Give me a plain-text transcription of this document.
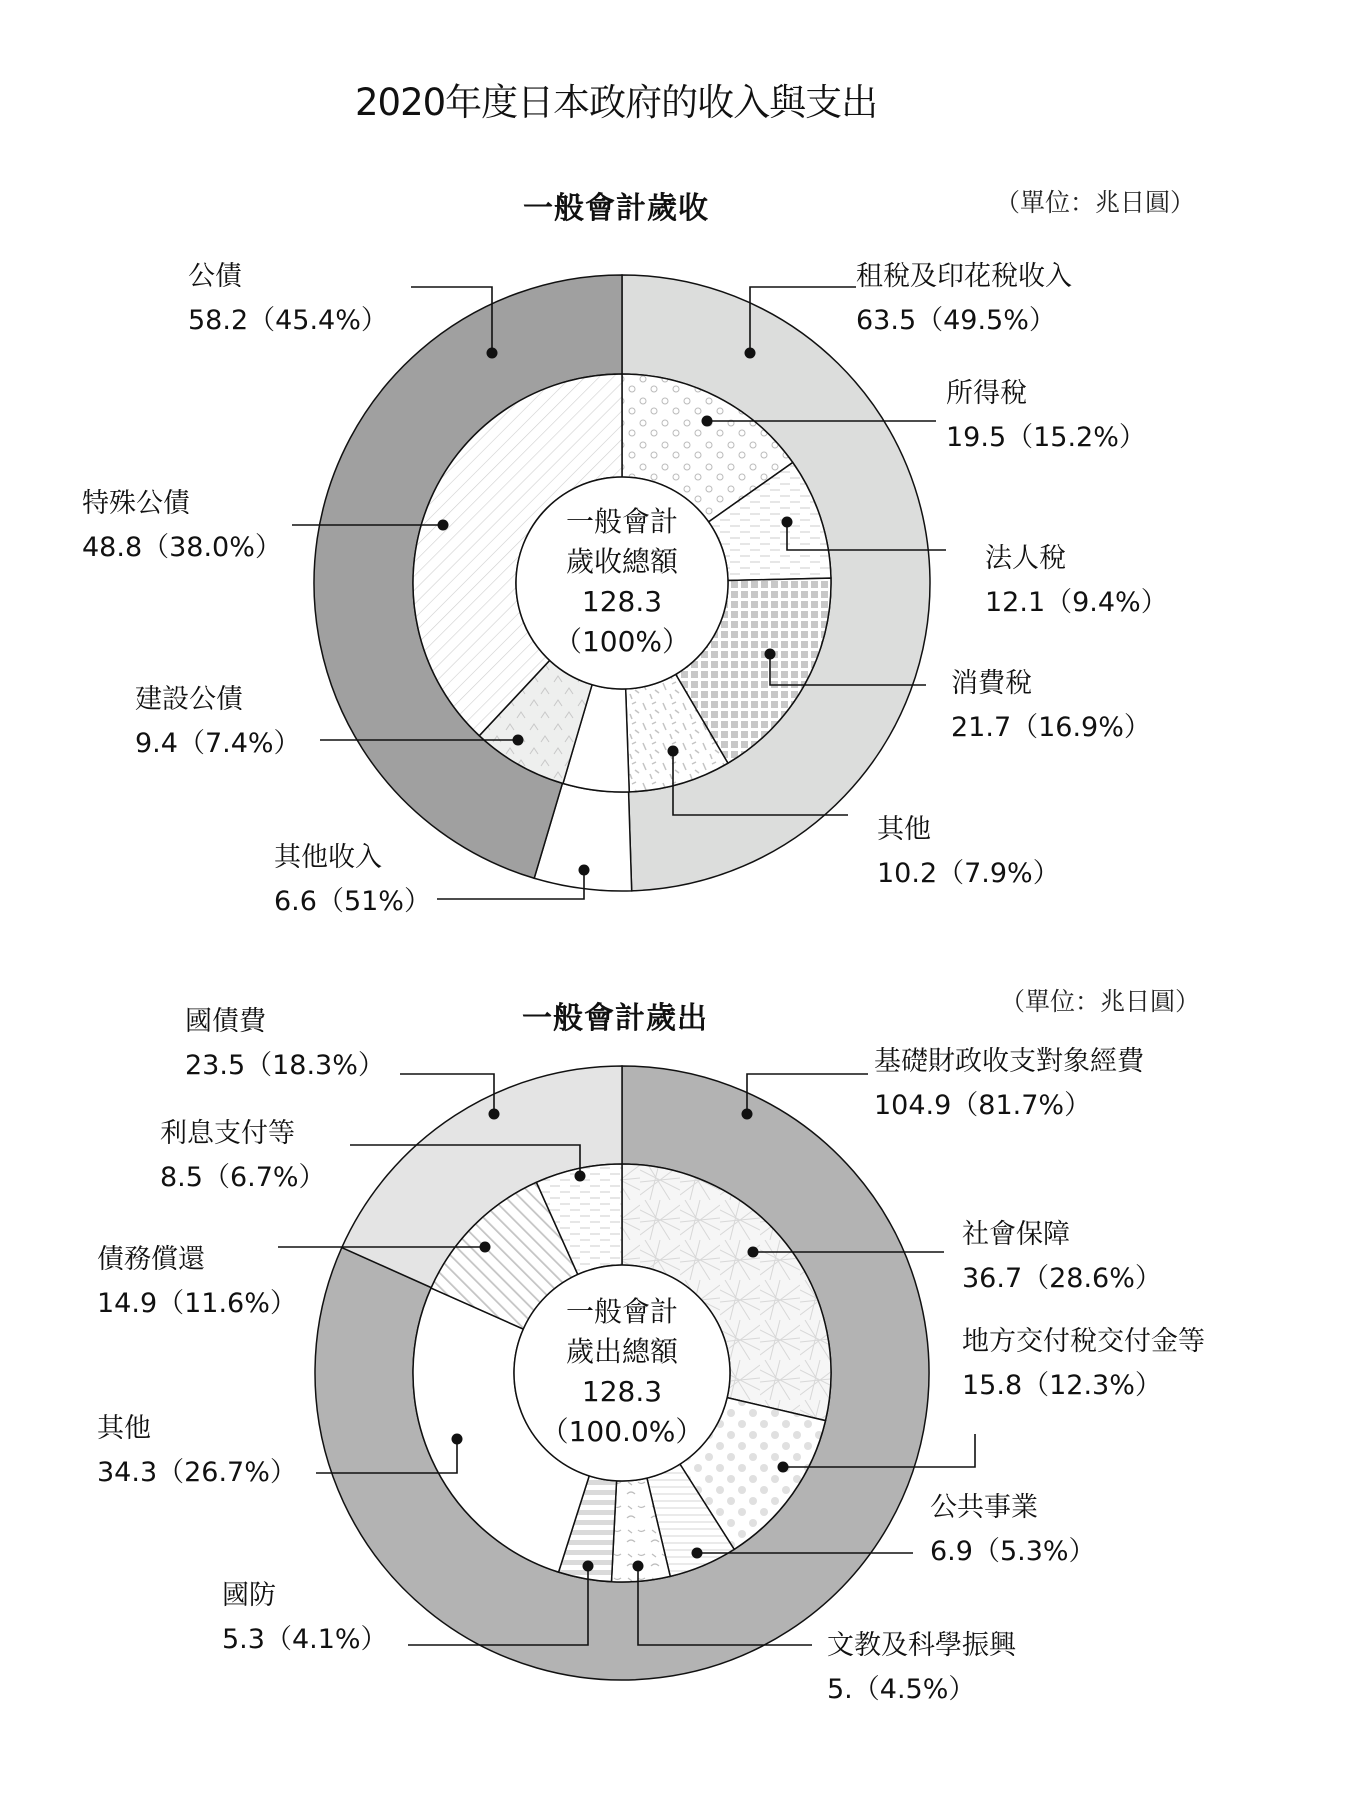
2020年度日本政府的收入與支出
一般會計歲收	（單位：兆日圓）
一般會計
歲收總額
128.3
（100%）
公債
58.2（45.4%）
特殊公債
48.8（38.0%）
建設公債
9.4（7.4%）
其他收入
6.6（51%）
租稅及印花稅收入
63.5（49.5%）
所得稅
19.5（15.2%）
法人稅
12.1（9.4%）
消費稅
21.7（16.9%）
其他
10.2（7.9%）
一般會計歲出	（單位：兆日圓）
一般會計
歲出總額
128.3
（100.0%）
國債費
23.5（18.3%）
利息支付等
8.5（6.7%）
債務償還
14.9（11.6%）
其他
34.3（26.7%）
國防
5.3（4.1%）
基礎財政收支對象經費
104.9（81.7%）
社會保障
36.7（28.6%）
地方交付稅交付金等
15.8（12.3%）
公共事業
6.9（5.3%）
文教及科學振興
5.（4.5%）
